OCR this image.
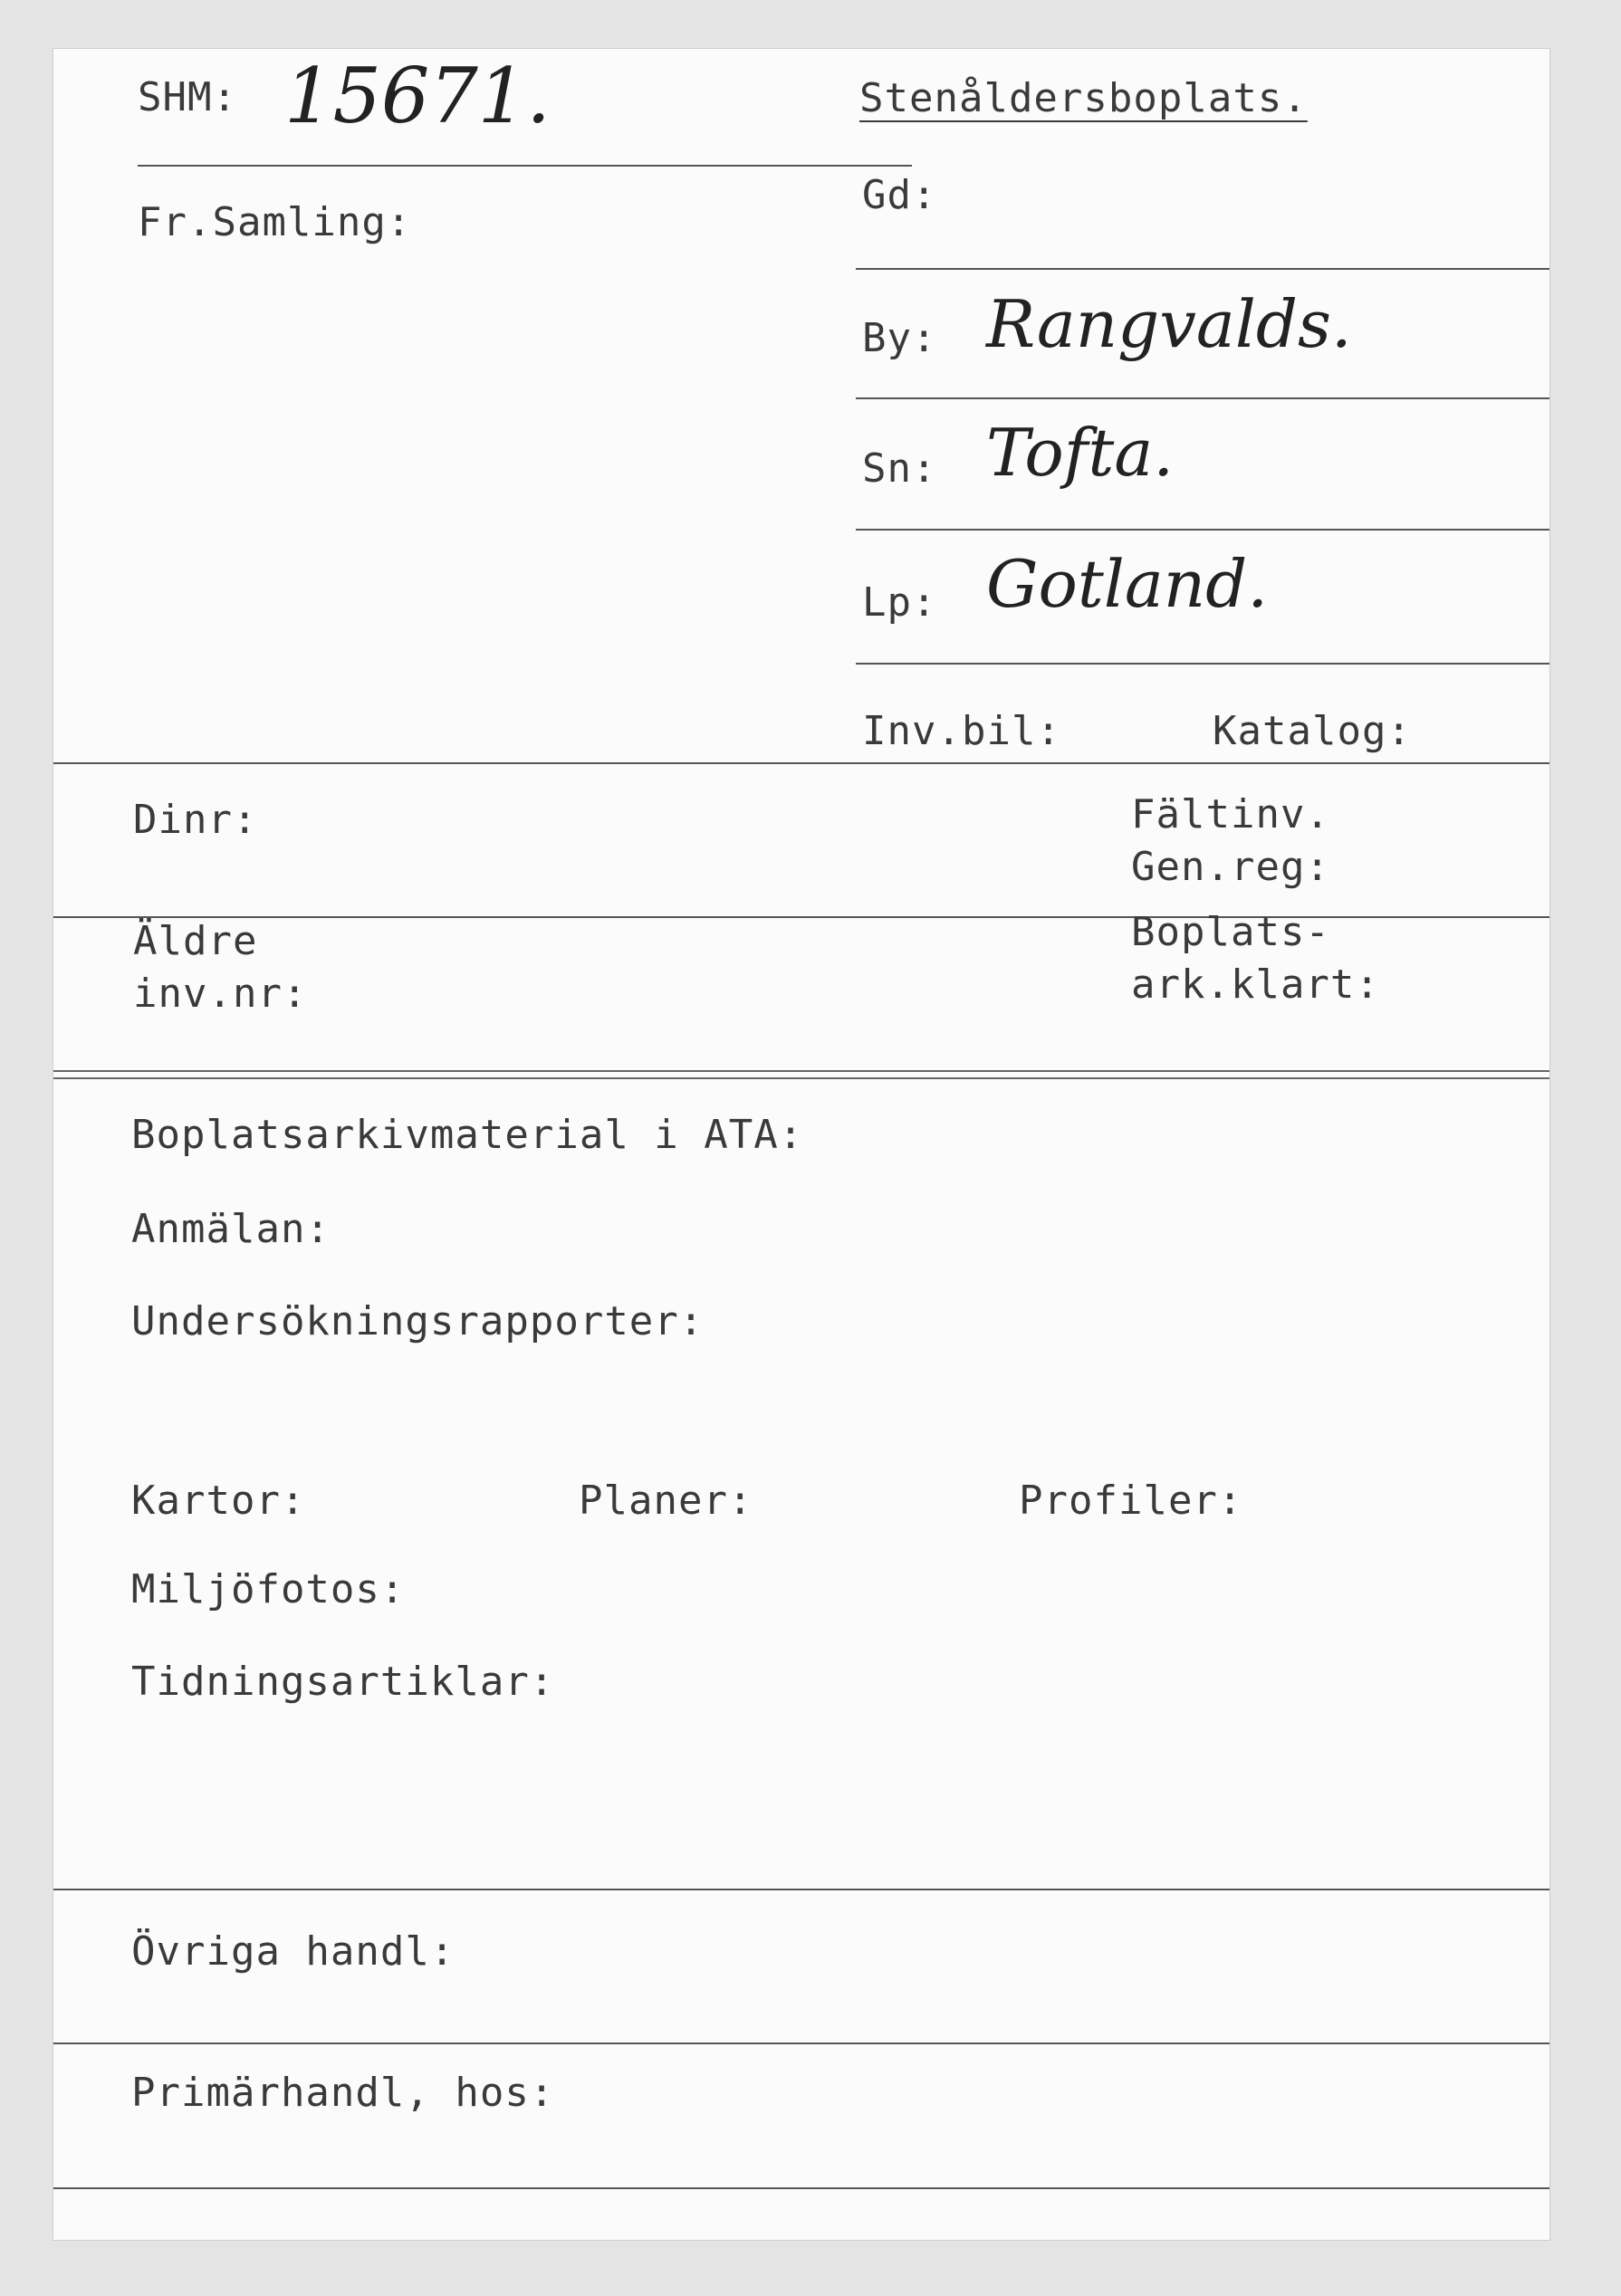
SHM: 15671.
Fr.Samling:
Stenåldersboplats.
Gd:
By: Rangvalds.
Sn: Tofta.
Lp: Gotland.
Inv.bil:	Katalog:
Dinr:	Fältinv.
Gen.reg:
Äldre
inv.nr:
Boplats-
ark.klart:
Boplatsarkivmaterial i ATA:
Anmälan:
Undersökningsrapporter:
Kartor:	Planer:	Profiler:
Miljöfotos:
Tidningsartiklar:
Övriga handl:
Primärhandl, hos:
